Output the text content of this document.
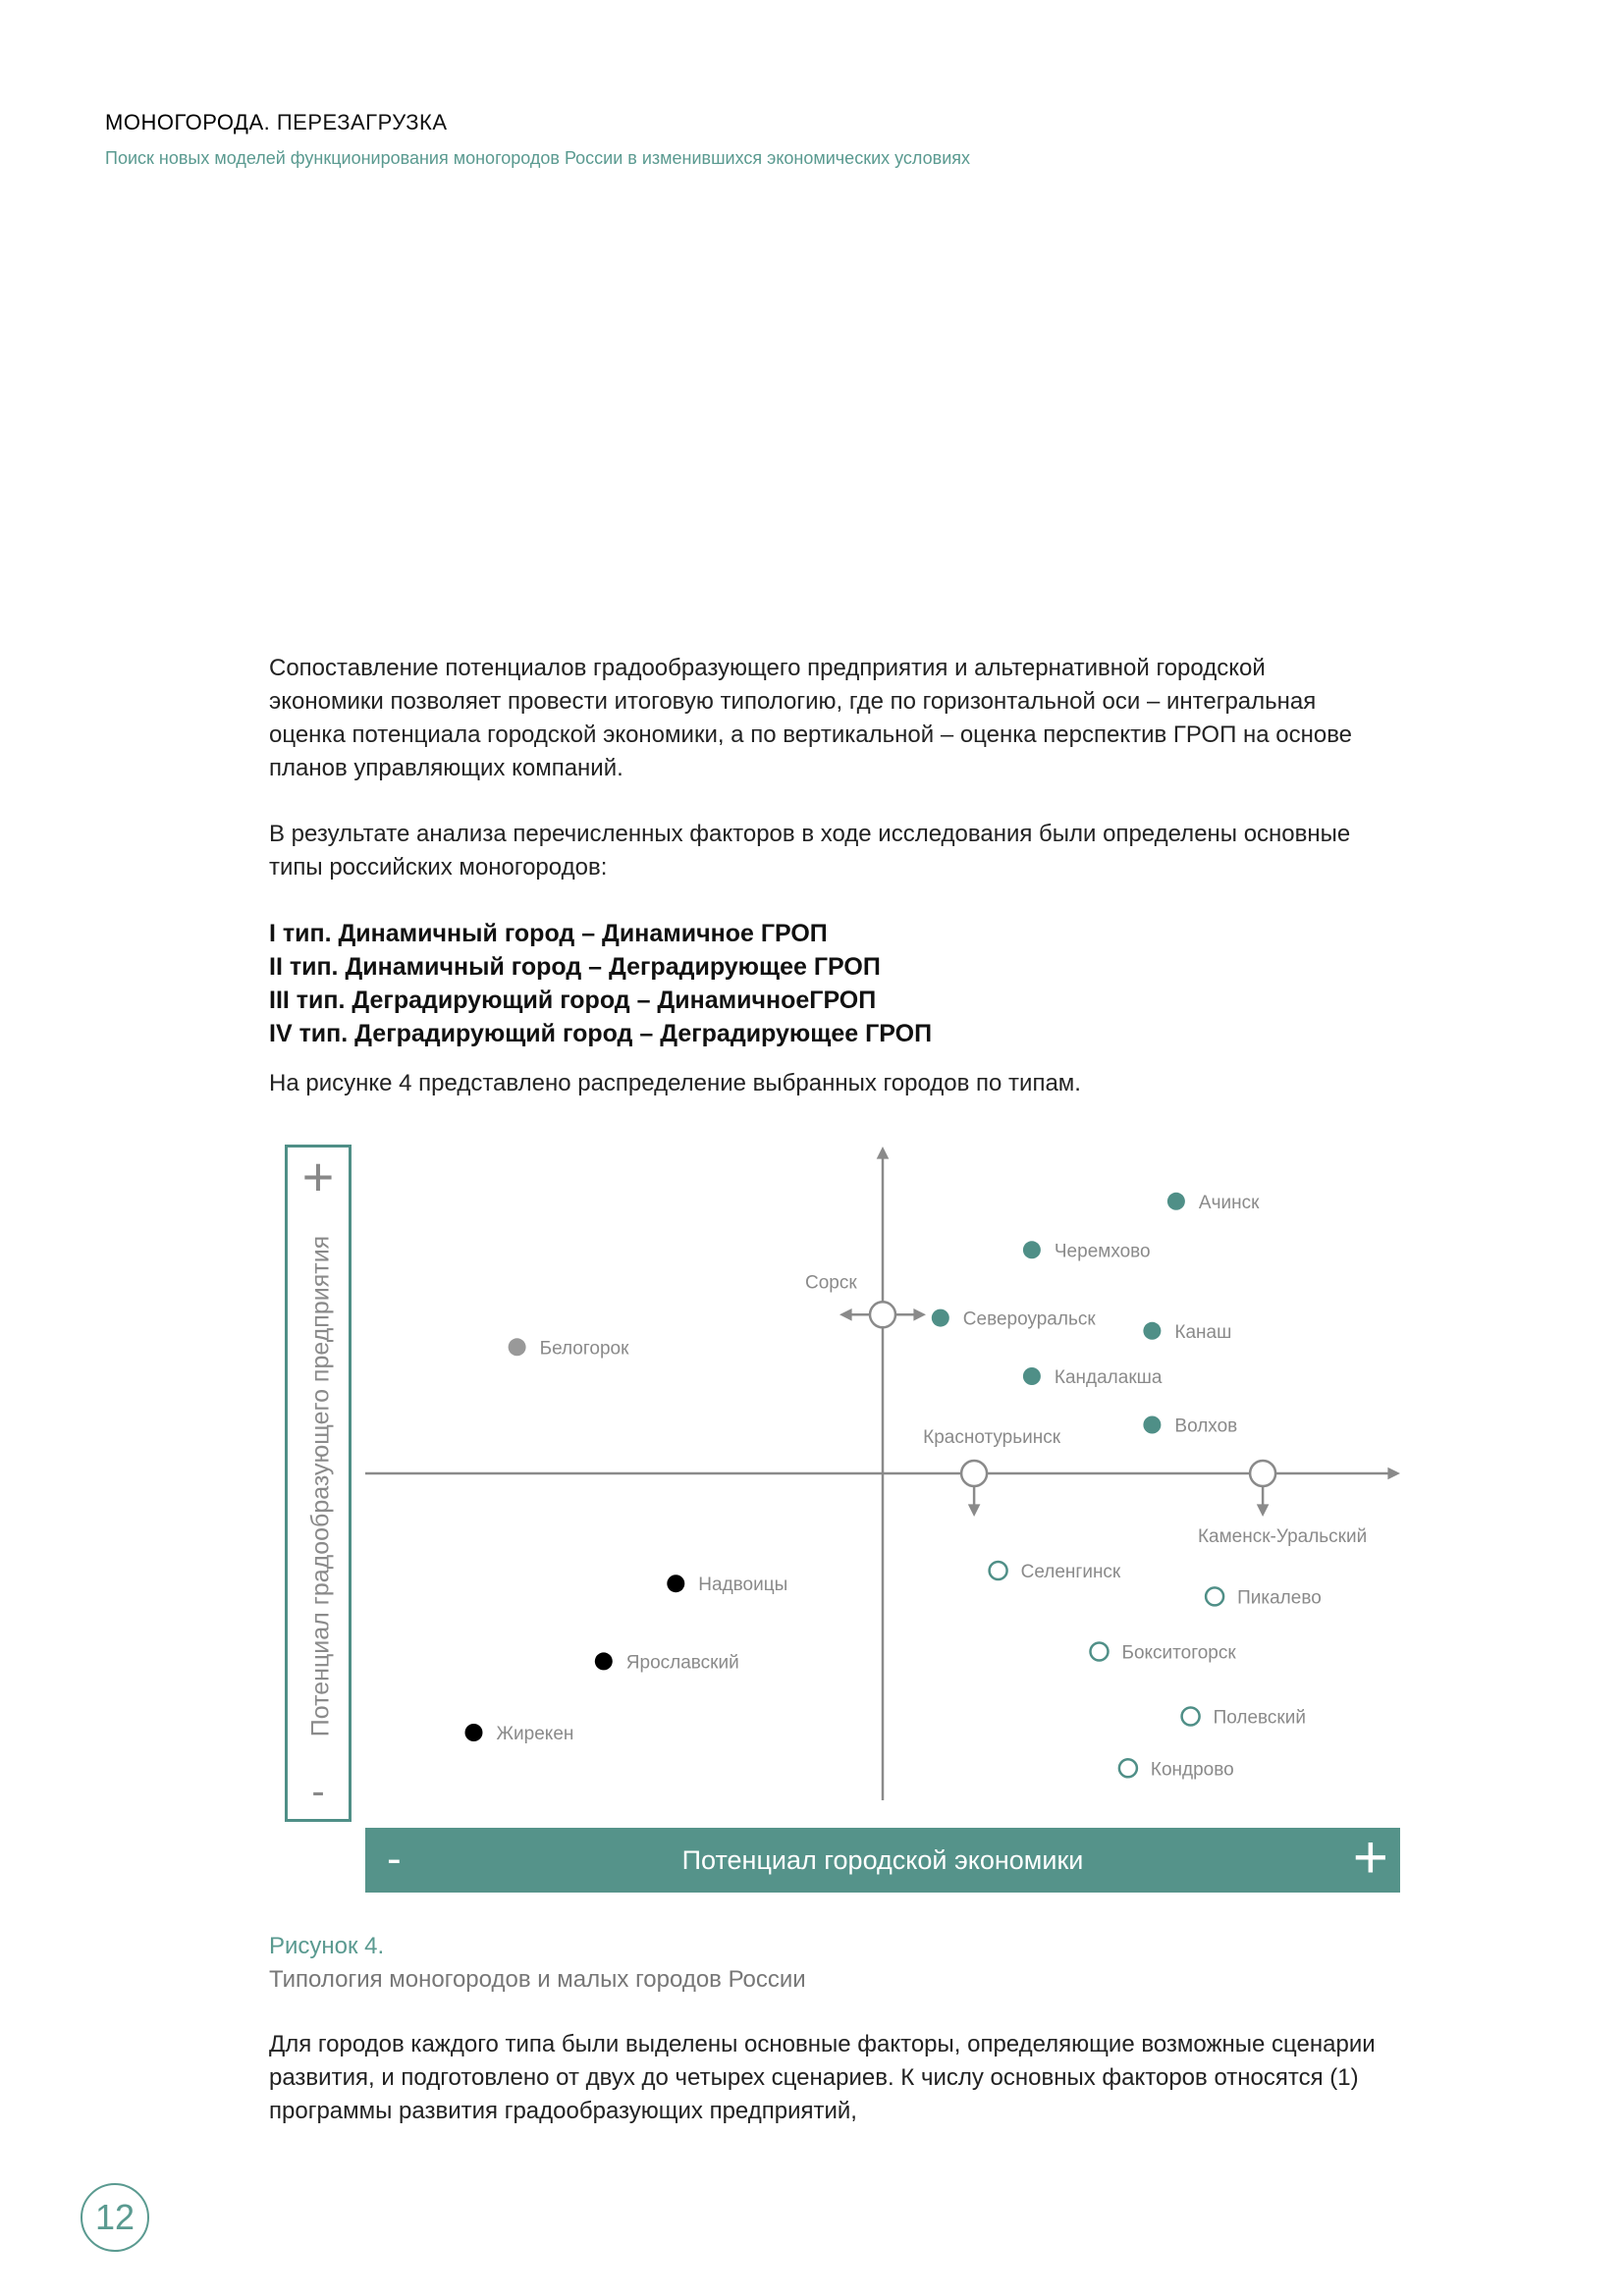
МОНОГОРОДА. ПЕРЕЗАГРУЗКА
Поиск новых моделей функционирования моногородов России в изменившихся экономических условиях
Сопоставление потенциалов градообразующего предприятия и альтернативной городской экономики позволяет провести итоговую типологию, где по горизонтальной оси – интегральная оценка потенциала городской экономики, а по вертикальной – оценка перспектив ГРОП на основе планов управляющих компаний.
В результате анализа перечисленных факторов в ходе исследования были определены основные типы российских моногородов:
I тип. Динамичный город – Динамичное ГРОП
II тип. Динамичный город – Деградирующее ГРОП
III тип. Деградирующий город – ДинамичноеГРОП
IV тип. Деградирующий город – Деградирующее ГРОП
На рисунке 4 представлено распределение выбранных городов по типам.
+
Потенциал градообразующего предприятия
-
Ачинск
Черемхово
Североуральск
Канаш
Кандалакша
Волхов
Белогорок
Надвоицы
Ярославский
Жирекен
Селенгинск
Пикалево
Бокситогорск
Полевский
Кондрово
Сорск
Краснотурьинск
Каменск-Уральский
-	Потенциал городской экономики	+
Рисунок 4.
Типология моногородов и малых городов России
Для городов каждого типа были выделены основные факторы, определяющие возможные сценарии развития, и подготовлено от двух до четырех сценариев. К числу основных факторов относятся (1) программы развития градообразующих предприятий,
12
